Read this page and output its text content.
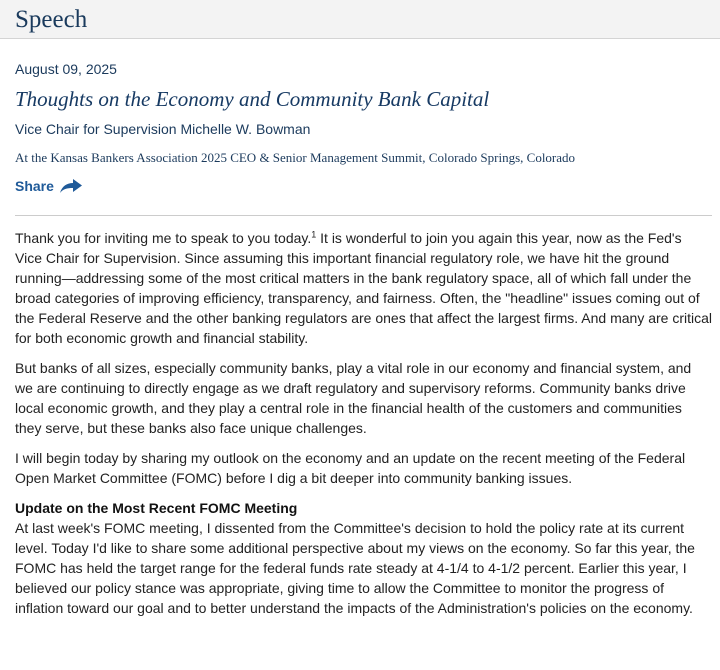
Speech
August 09, 2025
Thoughts on the Economy and Community Bank Capital
Vice Chair for Supervision Michelle W. Bowman
At the Kansas Bankers Association 2025 CEO & Senior Management Summit, Colorado Springs, Colorado
Share

Thank you for inviting me to speak to you today.$^1$ It is wonderful to join you again this year, now as the Fed's Vice Chair for Supervision. Since assuming this important financial regulatory role, we have hit the ground running—addressing some of the most critical matters in the bank regulatory space, all of which fall under the broad categories of improving efficiency, transparency, and fairness. Often, the "headline" issues coming out of the Federal Reserve and the other banking regulators are ones that affect the largest firms. And many are critical for both economic growth and financial stability.

But banks of all sizes, especially community banks, play a vital role in our economy and financial system, and we are continuing to directly engage as we draft regulatory and supervisory reforms. Community banks drive local economic growth, and they play a central role in the financial health of the customers and communities they serve, but these banks also face unique challenges.

I will begin today by sharing my outlook on the economy and an update on the recent meeting of the Federal Open Market Committee (FOMC) before I dig a bit deeper into community banking issues.

Update on the Most Recent FOMC Meeting

At last week's FOMC meeting, I dissented from the Committee's decision to hold the policy rate at its current level. Today I'd like to share some additional perspective about my views on the economy. So far this year, the FOMC has held the target range for the federal funds rate steady at 4-1/4 to 4-1/2 percent. Earlier this year, I believed our policy stance was appropriate, giving time to allow the Committee to monitor the progress of inflation toward our goal and to better understand the impacts of the Administration's policies on the economy.
